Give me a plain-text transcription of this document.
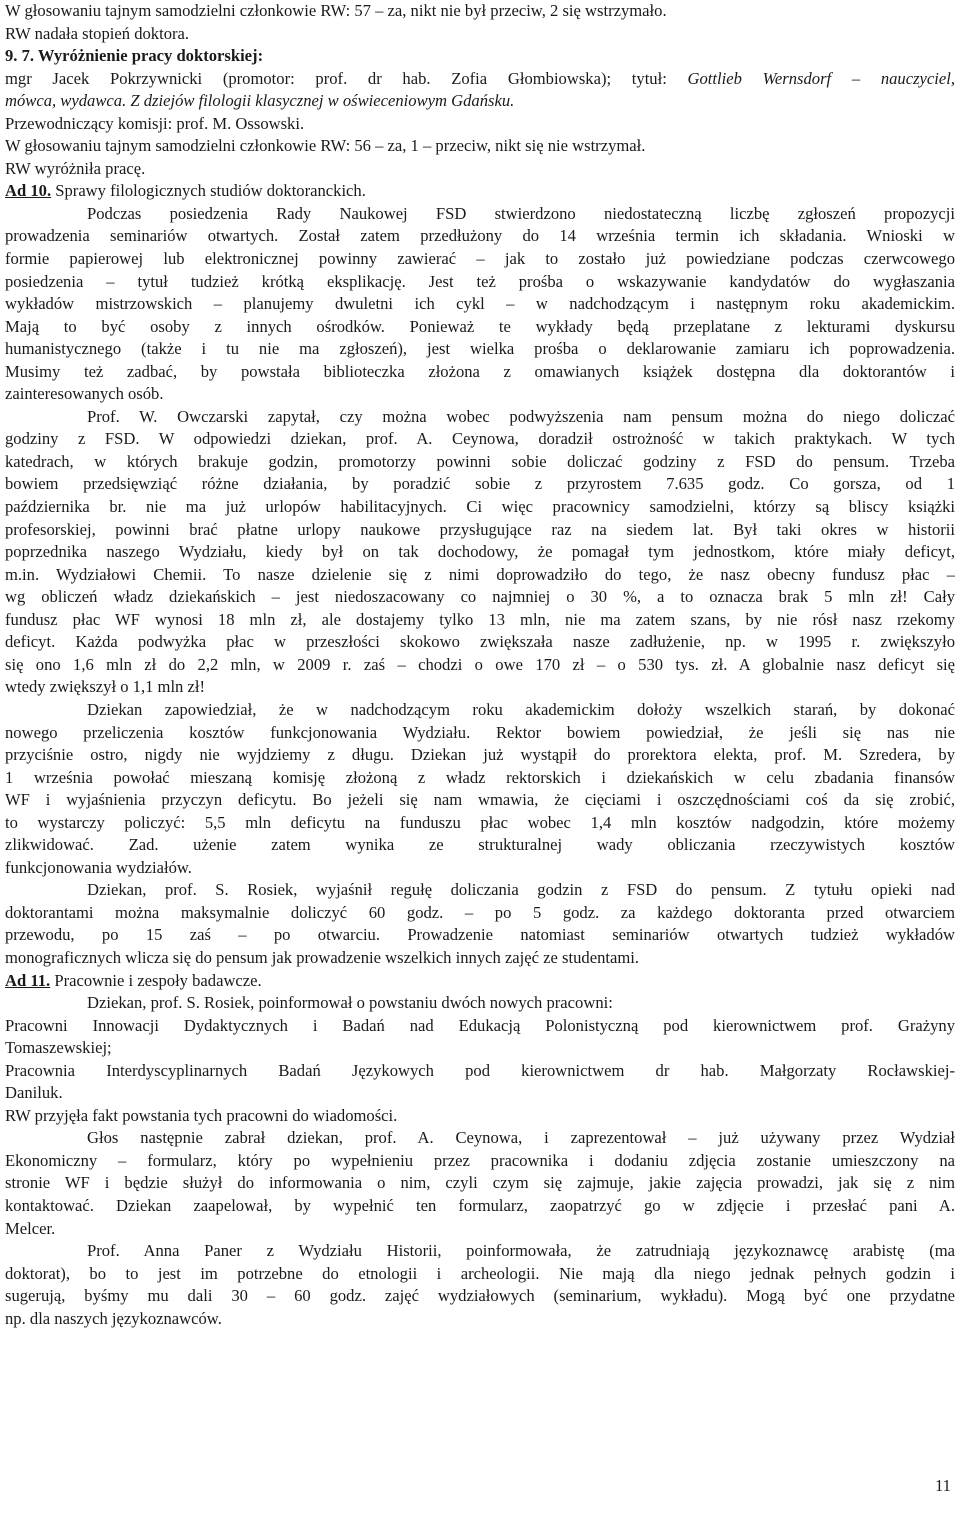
W głosowaniu tajnym samodzielni członkowie RW: 57 – za, nikt nie był przeciw, 2 się wstrzymało.
RW nadała stopień doktora.
9. 7. Wyróżnienie pracy doktorskiej:
mgr Jacek Pokrzywnicki (promotor: prof. dr hab. Zofia Głombiowska); tytuł: Gottlieb Wernsdorf – nauczyciel,
mówca, wydawca. Z dziejów filologii klasycznej w oświeceniowym Gdańsku.
Przewodniczący komisji: prof. M. Ossowski.
W głosowaniu tajnym samodzielni członkowie RW: 56 – za, 1 – przeciw, nikt się nie wstrzymał.
RW wyróżniła pracę.
Ad 10. Sprawy filologicznych studiów doktoranckich.
Podczas posiedzenia Rady Naukowej FSD stwierdzono niedostateczną liczbę zgłoszeń propozycji
prowadzenia seminariów otwartych. Został zatem przedłużony do 14 września termin ich składania. Wnioski w
formie papierowej lub elektronicznej powinny zawierać – jak to zostało już powiedziane podczas czerwcowego
posiedzenia – tytuł tudzież krótką eksplikację. Jest też prośba o wskazywanie kandydatów do wygłaszania
wykładów mistrzowskich – planujemy dwuletni ich cykl – w nadchodzącym i następnym roku akademickim.
Mają to być osoby z innych ośrodków. Ponieważ te wykłady będą przeplatane z lekturami dyskursu
humanistycznego (także i tu nie ma zgłoszeń), jest wielka prośba o deklarowanie zamiaru ich poprowadzenia.
Musimy też zadbać, by powstała biblioteczka złożona z omawianych książek dostępna dla doktorantów i
zainteresowanych osób.
Prof. W. Owczarski zapytał, czy można wobec podwyższenia nam pensum można do niego doliczać
godziny z FSD. W odpowiedzi dziekan, prof. A. Ceynowa, doradził ostrożność w takich praktykach. W tych
katedrach, w których brakuje godzin, promotorzy powinni sobie doliczać godziny z FSD do pensum. Trzeba
bowiem przedsięwziąć różne działania, by poradzić sobie z przyrostem 7.635 godz. Co gorsza, od 1
października br. nie ma już urlopów habilitacyjnych. Ci więc pracownicy samodzielni, którzy są bliscy książki
profesorskiej, powinni brać płatne urlopy naukowe przysługujące raz na siedem lat. Był taki okres w historii
poprzednika naszego Wydziału, kiedy był on tak dochodowy, że pomagał tym jednostkom, które miały deficyt,
m.in. Wydziałowi Chemii. To nasze dzielenie się z nimi doprowadziło do tego, że nasz obecny fundusz płac –
wg obliczeń władz dziekańskich – jest niedoszacowany co najmniej o 30 %, a to oznacza brak 5 mln zł! Cały
fundusz płac WF wynosi 18 mln zł, ale dostajemy tylko 13 mln, nie ma zatem szans, by nie rósł nasz rzekomy
deficyt. Każda podwyżka płac w przeszłości skokowo zwiększała nasze zadłużenie, np. w 1995 r. zwiększyło
się ono 1,6 mln zł do 2,2 mln, w 2009 r. zaś – chodzi o owe 170 zł – o 530 tys. zł. A globalnie nasz deficyt się
wtedy zwiększył o 1,1 mln zł!
Dziekan zapowiedział, że w nadchodzącym roku akademickim dołoży wszelkich starań, by dokonać
nowego przeliczenia kosztów funkcjonowania Wydziału. Rektor bowiem powiedział, że jeśli się nas nie
przyciśnie ostro, nigdy nie wyjdziemy z długu. Dziekan już wystąpił do prorektora elekta, prof. M. Szredera, by
1 września powołać mieszaną komisję złożoną z władz rektorskich i dziekańskich w celu zbadania finansów
WF i wyjaśnienia przyczyn deficytu. Bo jeżeli się nam wmawia, że cięciami i oszczędnościami coś da się zrobić,
to wystarczy policzyć: 5,5 mln deficytu na funduszu płac wobec 1,4 mln kosztów nadgodzin, które możemy
zlikwidować. Zad. użenie zatem wynika ze strukturalnej wady obliczania rzeczywistych kosztów
funkcjonowania wydziałów.
Dziekan, prof. S. Rosiek, wyjaśnił regułę doliczania godzin z FSD do pensum. Z tytułu opieki nad
doktorantami można maksymalnie doliczyć 60 godz. – po 5 godz. za każdego doktoranta przed otwarciem
przewodu, po 15 zaś – po otwarciu. Prowadzenie natomiast seminariów otwartych tudzież wykładów
monograficznych wlicza się do pensum jak prowadzenie wszelkich innych zajęć ze studentami.
Ad 11. Pracownie i zespoły badawcze.
Dziekan, prof. S. Rosiek, poinformował o powstaniu dwóch nowych pracowni:
Pracowni Innowacji Dydaktycznych i Badań nad Edukacją Polonistyczną pod kierownictwem prof. Grażyny
Tomaszewskiej;
Pracownia Interdyscyplinarnych Badań Językowych pod kierownictwem dr hab. Małgorzaty Rocławskiej-
Daniluk.
RW przyjęła fakt powstania tych pracowni do wiadomości.
Głos następnie zabrał dziekan, prof. A. Ceynowa, i zaprezentował – już używany przez Wydział
Ekonomiczny – formularz, który po wypełnieniu przez pracownika i dodaniu zdjęcia zostanie umieszczony na
stronie WF i będzie służył do informowania o nim, czyli czym się zajmuje, jakie zajęcia prowadzi, jak się z nim
kontaktować. Dziekan zaapelował, by wypełnić ten formularz, zaopatrzyć go w zdjęcie i przesłać pani A.
Melcer.
Prof. Anna Paner z Wydziału Historii, poinformowała, że zatrudniają językoznawcę arabistę (ma
doktorat), bo to jest im potrzebne do etnologii i archeologii. Nie mają dla niego jednak pełnych godzin i
sugerują, byśmy mu dali 30 – 60 godz. zajęć wydziałowych (seminarium, wykładu). Mogą być one przydatne
np. dla naszych językoznawców.
11
